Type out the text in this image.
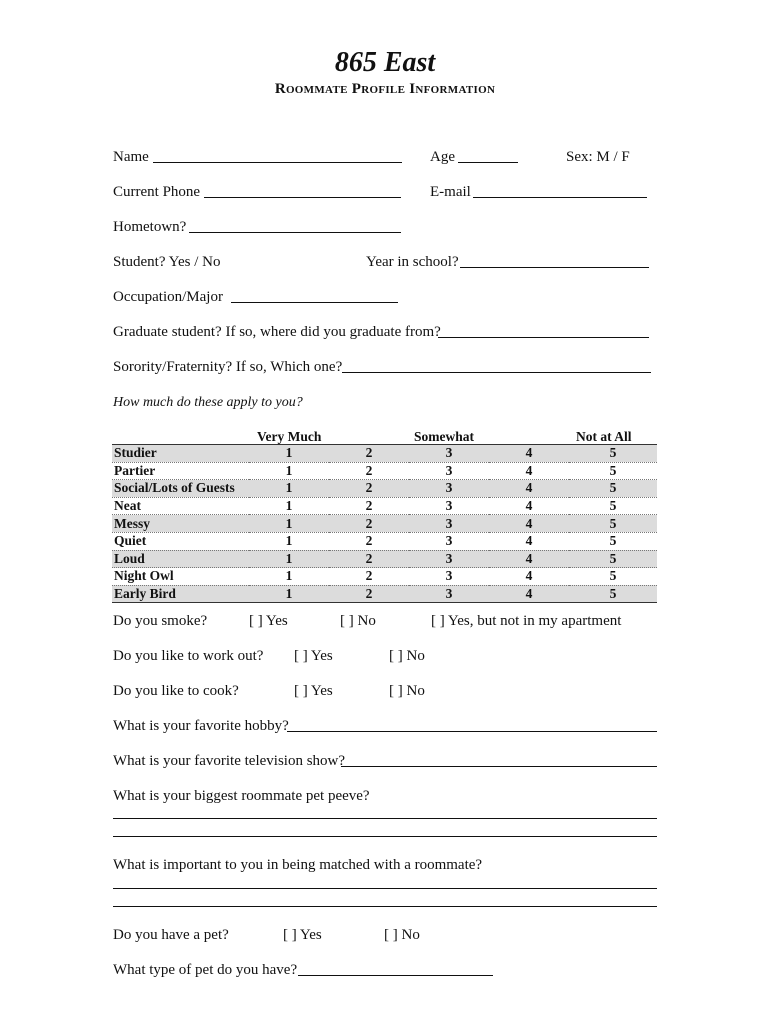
865 East
Roommate Profile Information
Name	Age	Sex: M / F
Current Phone	E-mail
Hometown?
Student? Yes / No	Year in school?
Occupation/Major
Graduate student? If so, where did you graduate from?
Sorority/Fraternity? If so, Which one?
How much do these apply to you?
Very Much	Somewhat	Not at All
Studier	1	2	3	4	5
Partier	1	2	3	4	5
Social/Lots of Guests	1	2	3	4	5
Neat	1	2	3	4	5
Messy	1	2	3	4	5
Quiet	1	2	3	4	5
Loud	1	2	3	4	5
Night Owl	1	2	3	4	5
Early Bird	1	2	3	4	5
Do you smoke?	[ ] Yes	[ ] No	[ ] Yes, but not in my apartment
Do you like to work out? [ ] Yes	[ ] No
Do you like to cook?	[ ] Yes	[ ] No
What is your favorite hobby?
What is your favorite television show?
What is your biggest roommate pet peeve?
What is important to you in being matched with a roommate?
Do you have a pet?	[ ] Yes	[ ] No
What type of pet do you have?
